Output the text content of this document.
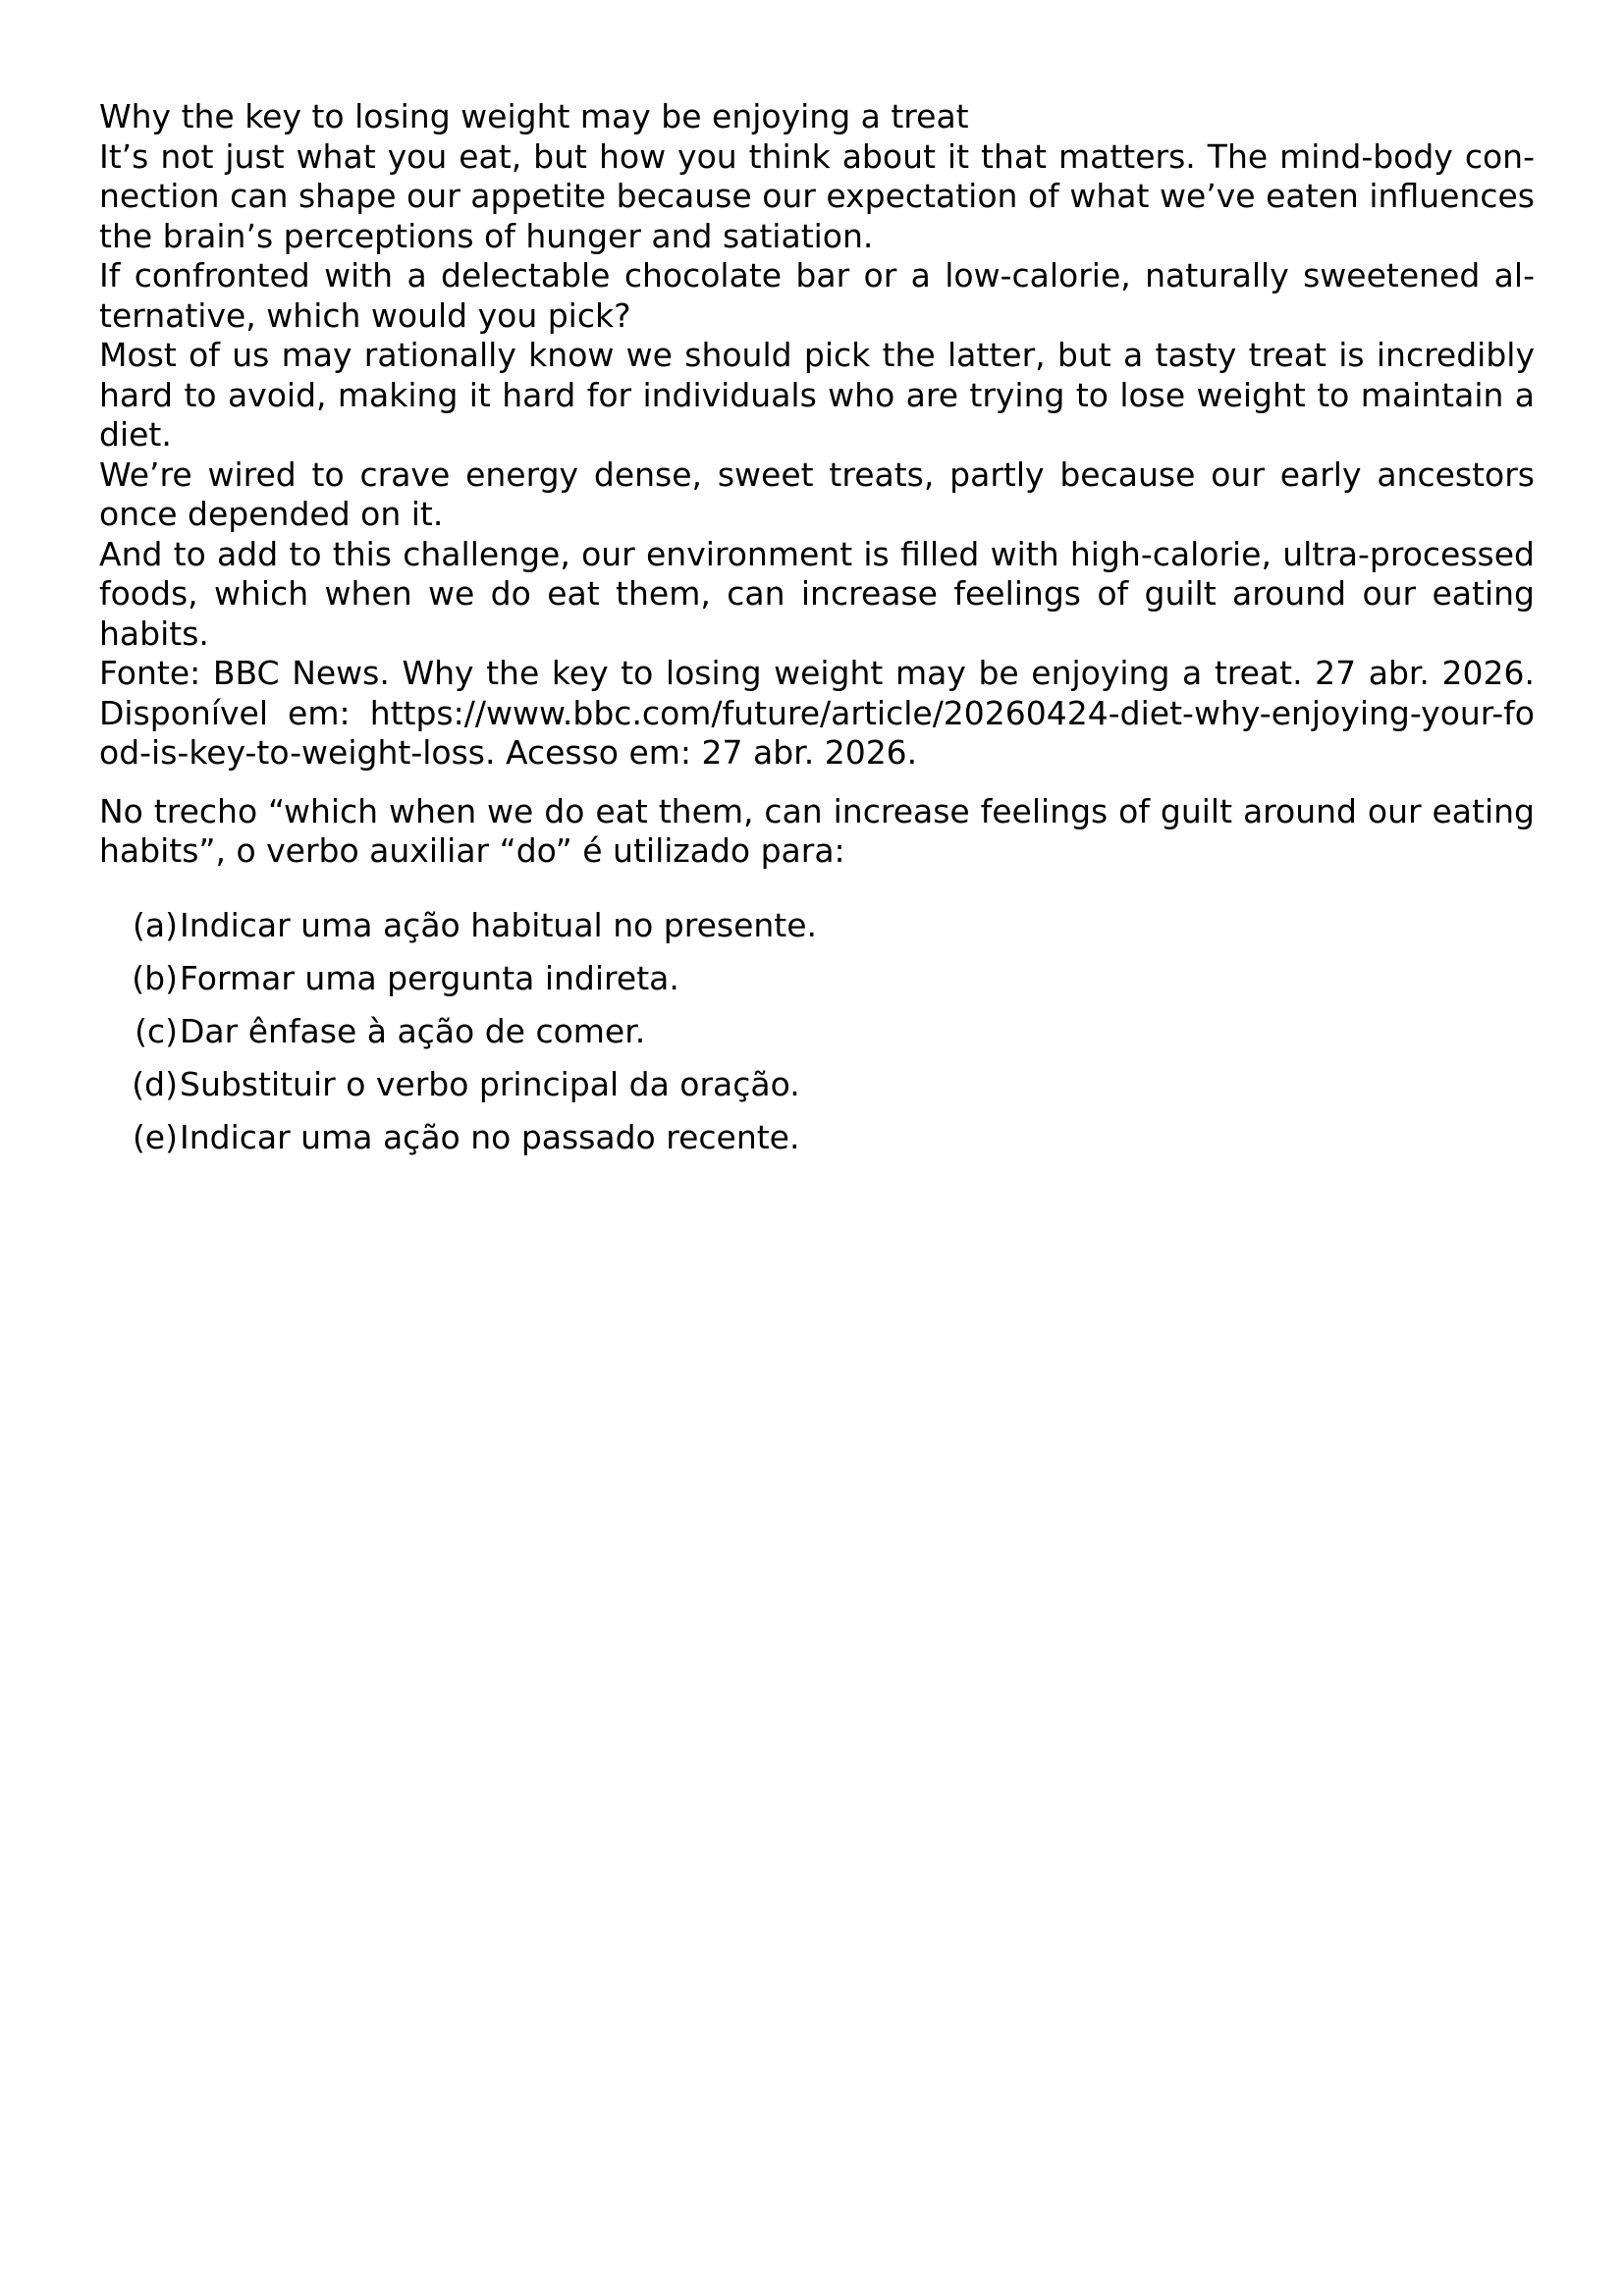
Why the key to losing weight may be enjoying a treat

It’s not just what you eat, but how you think about it that matters. The mind-body connection can shape our appetite because our expectation of what we’ve eaten influences the brain’s perceptions of hunger and satiation.

If confronted with a delectable chocolate bar or a low-calorie, naturally sweetened alternative, which would you pick?

Most of us may rationally know we should pick the latter, but a tasty treat is incredibly hard to avoid, making it hard for individuals who are trying to lose weight to maintain a diet.

We’re wired to crave energy dense, sweet treats, partly because our early ancestors once depended on it.

And to add to this challenge, our environment is filled with high-calorie, ultra-processed foods, which when we do eat them, can increase feelings of guilt around our eating habits.

Fonte: BBC News. Why the key to losing weight may be enjoying a treat. 27 abr. 2026. Disponível em: https://www.bbc.com/future/article/20260424-diet-why-enjoying-your-food-is-key-to-weight-loss. Acesso em: 27 abr. 2026.

No trecho “which when we do eat them, can increase feelings of guilt around our eating habits”, o verbo auxiliar “do” é utilizado para:

(a) Indicar uma ação habitual no presente.
(b) Formar uma pergunta indireta.
(c) Dar ênfase à ação de comer.
(d) Substituir o verbo principal da oração.
(e) Indicar uma ação no passado recente.
